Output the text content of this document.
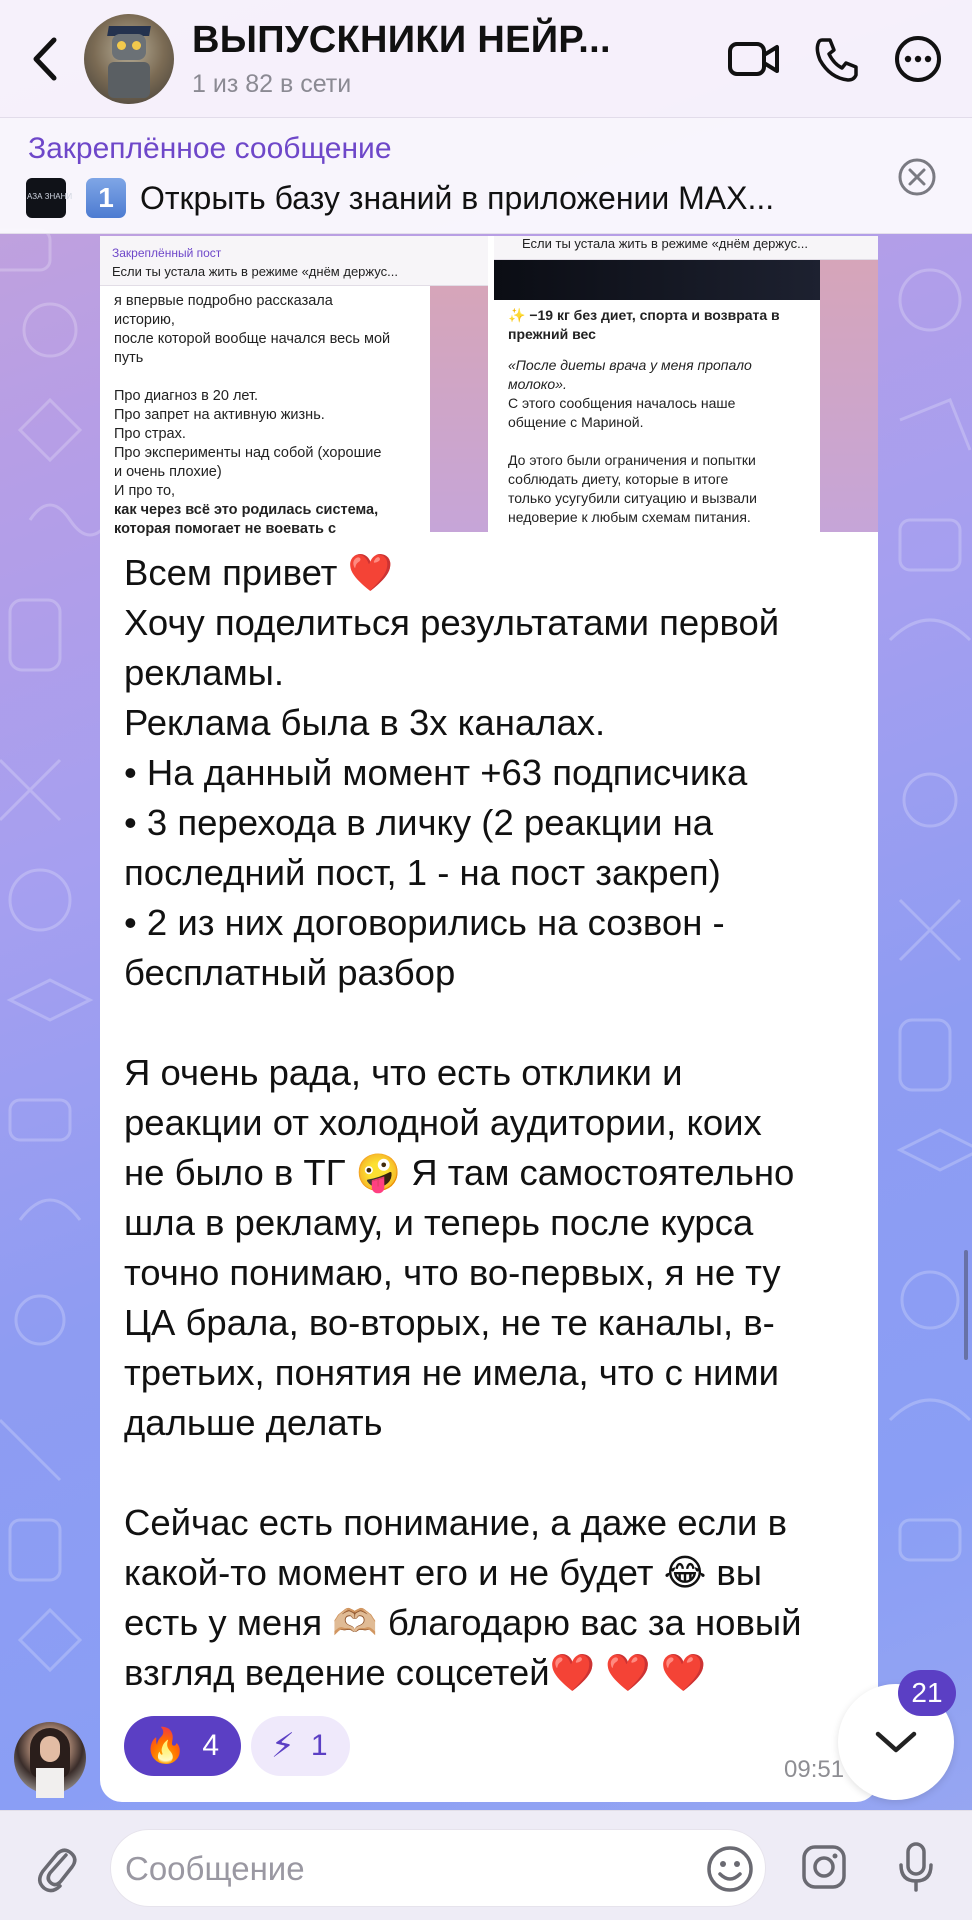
ВЫПУСКНИКИ НЕЙР...
1 из 82 в сети
Закреплённое сообщение
АЗА ЗНАНИ 1 Открыть базу знаний в приложении MAX...
Закреплённый пост
Если ты устала жить в режиме «днём держус...

я впервые подробно рассказала

историю,

после которой вообще начался весь мой

путь

Про диагноз в 20 лет.

Про запрет на активную жизнь.

Про страх.

Про эксперименты над собой (хорошие

и очень плохие)

И про то,

как через всё это родилась система,

которая помогает не воевать с

Если ты устала жить в режиме «днём держус...

✨ −19 кг без диет, спорта и возврата в прежний вес

«После диеты врача у меня пропало молоко».

С этого сообщения началось наше

общение с Мариной.

До этого были ограничения и попытки

соблюдать диету, которые в итоге

только усугубили ситуацию и вызвали

недоверие к любым схемам питания.

Всем привет ❤️
Хочу поделиться результатами первой
рекламы.
Реклама была в 3х каналах.
• На данный момент +63 подписчика
• 3 перехода в личку (2 реакции на
последний пост, 1 - на пост закреп)
• 2 из них договорились на созвон -
бесплатный разбор
Я очень рада, что есть отклики и
реакции от холодной аудитории, коих
не было в ТГ 🤪 Я там самостоятельно
шла в рекламу, и теперь после курса
точно понимаю, что во-первых, я не ту
ЦА брала, во-вторых, не те каналы, в-
третьих, понятия не имела, что с ними
дальше делать
Сейчас есть понимание, а даже если в
какой-то момент его и не будет 😂 вы
есть у меня 🫶🏼 благодарю вас за новый
взгляд ведение соцсетей❤️ ❤️ ❤️
🔥 4 ⚡ 1
09:51
21
Сообщение
